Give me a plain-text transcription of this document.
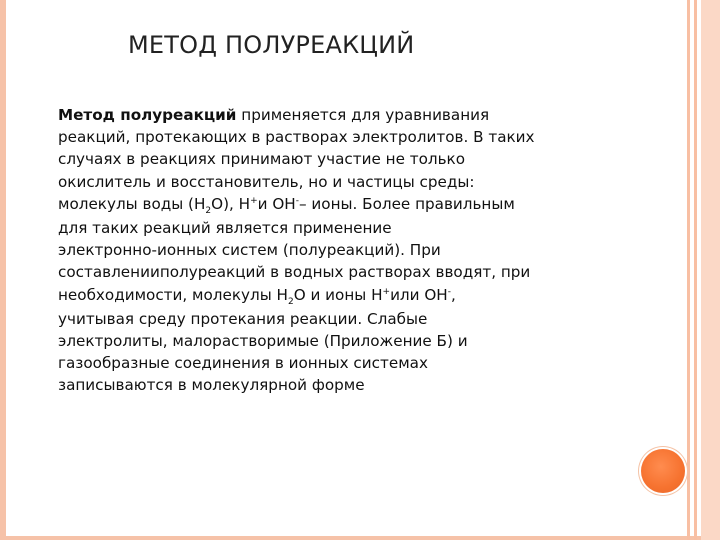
МЕТОД ПОЛУРЕАКЦИЙ
Метод полуреакций применяется для уравнивания
реакций, протекающих в растворах электролитов. В таких
случаях в реакциях принимают участие не только
окислитель и восстановитель, но и частицы среды:
молекулы воды $(H_2O)$, H+и OH-– ионы. Более правильным
для таких реакций является применение
электронно-ионных систем (полуреакций). При
составленииполуреакций в водных растворах вводят, при
необходимости, молекулы $H_2O$ и ионы H+или OH-,
учитывая среду протекания реакции. Слабые
электролиты, малорастворимые (Приложение Б) и
газообразные соединения в ионных системах
записываются в молекулярной форме
